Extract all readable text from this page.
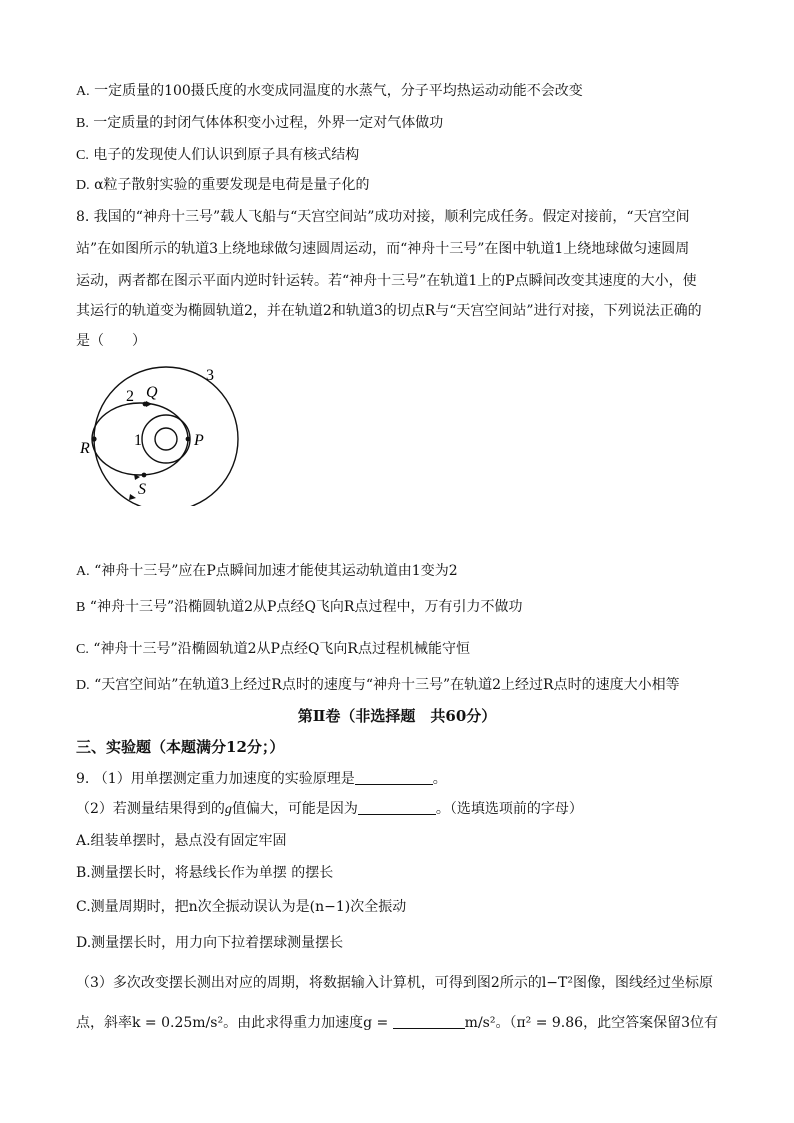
A. 一定质量的100摄氏度的水变成同温度的水蒸气，分子平均热运动动能不会改变
B. 一定质量的封闭气体体积变小过程，外界一定对气体做功
C. 电子的发现使人们认识到原子具有核式结构
D. α粒子散射实验的重要发现是电荷是量子化的
8. 我国的“神舟十三号”载人飞船与“天宫空间站”成功对接，顺利完成任务。假定对接前，“天宫空间
站”在如图所示的轨道3上绕地球做匀速圆周运动，而“神舟十三号”在图中轨道1上绕地球做匀速圆周
运动，两者都在图示平面内逆时针运转。若“神舟十三号”在轨道1上的P点瞬间改变其速度的大小，使
其运行的轨道变为椭圆轨道2，并在轨道2和轨道3的切点R与“天宫空间站”进行对接，下列说法正确的
是（　　）
3
2
1
Q
P
R
S
A. “神舟十三号”应在P点瞬间加速才能使其运动轨道由1变为2
B “神舟十三号”沿椭圆轨道2从P点经Q飞向R点过程中，万有引力不做功
C. “神舟十三号”沿椭圆轨道2从P点经Q飞向R点过程机械能守恒
D. “天宫空间站”在轨道3上经过R点时的速度与“神舟十三号”在轨道2上经过R点时的速度大小相等
第Ⅱ卷（非选择题　共60分）
三、实验题（本题满分12分；）
9. （1）用单摆测定重力加速度的实验原理是	。
（2）若测量结果得到的g值偏大，可能是因为	。（选填选项前的字母）
A.组装单摆时，悬点没有固定牢固
B.测量摆长时，将悬线长作为单摆 的摆长
C.测量周期时，把n次全振动误认为是(n−1)次全振动
D.测量摆长时，用力向下拉着摆球测量摆长
（3）多次改变摆长测出对应的周期，将数据输入计算机，可得到图2所示的l−T²图像，图线经过坐标原
点，斜率k = 0.25m/s²。由此求得重力加速度g =	m/s²。（π² = 9.86，此空答案保留3位有
